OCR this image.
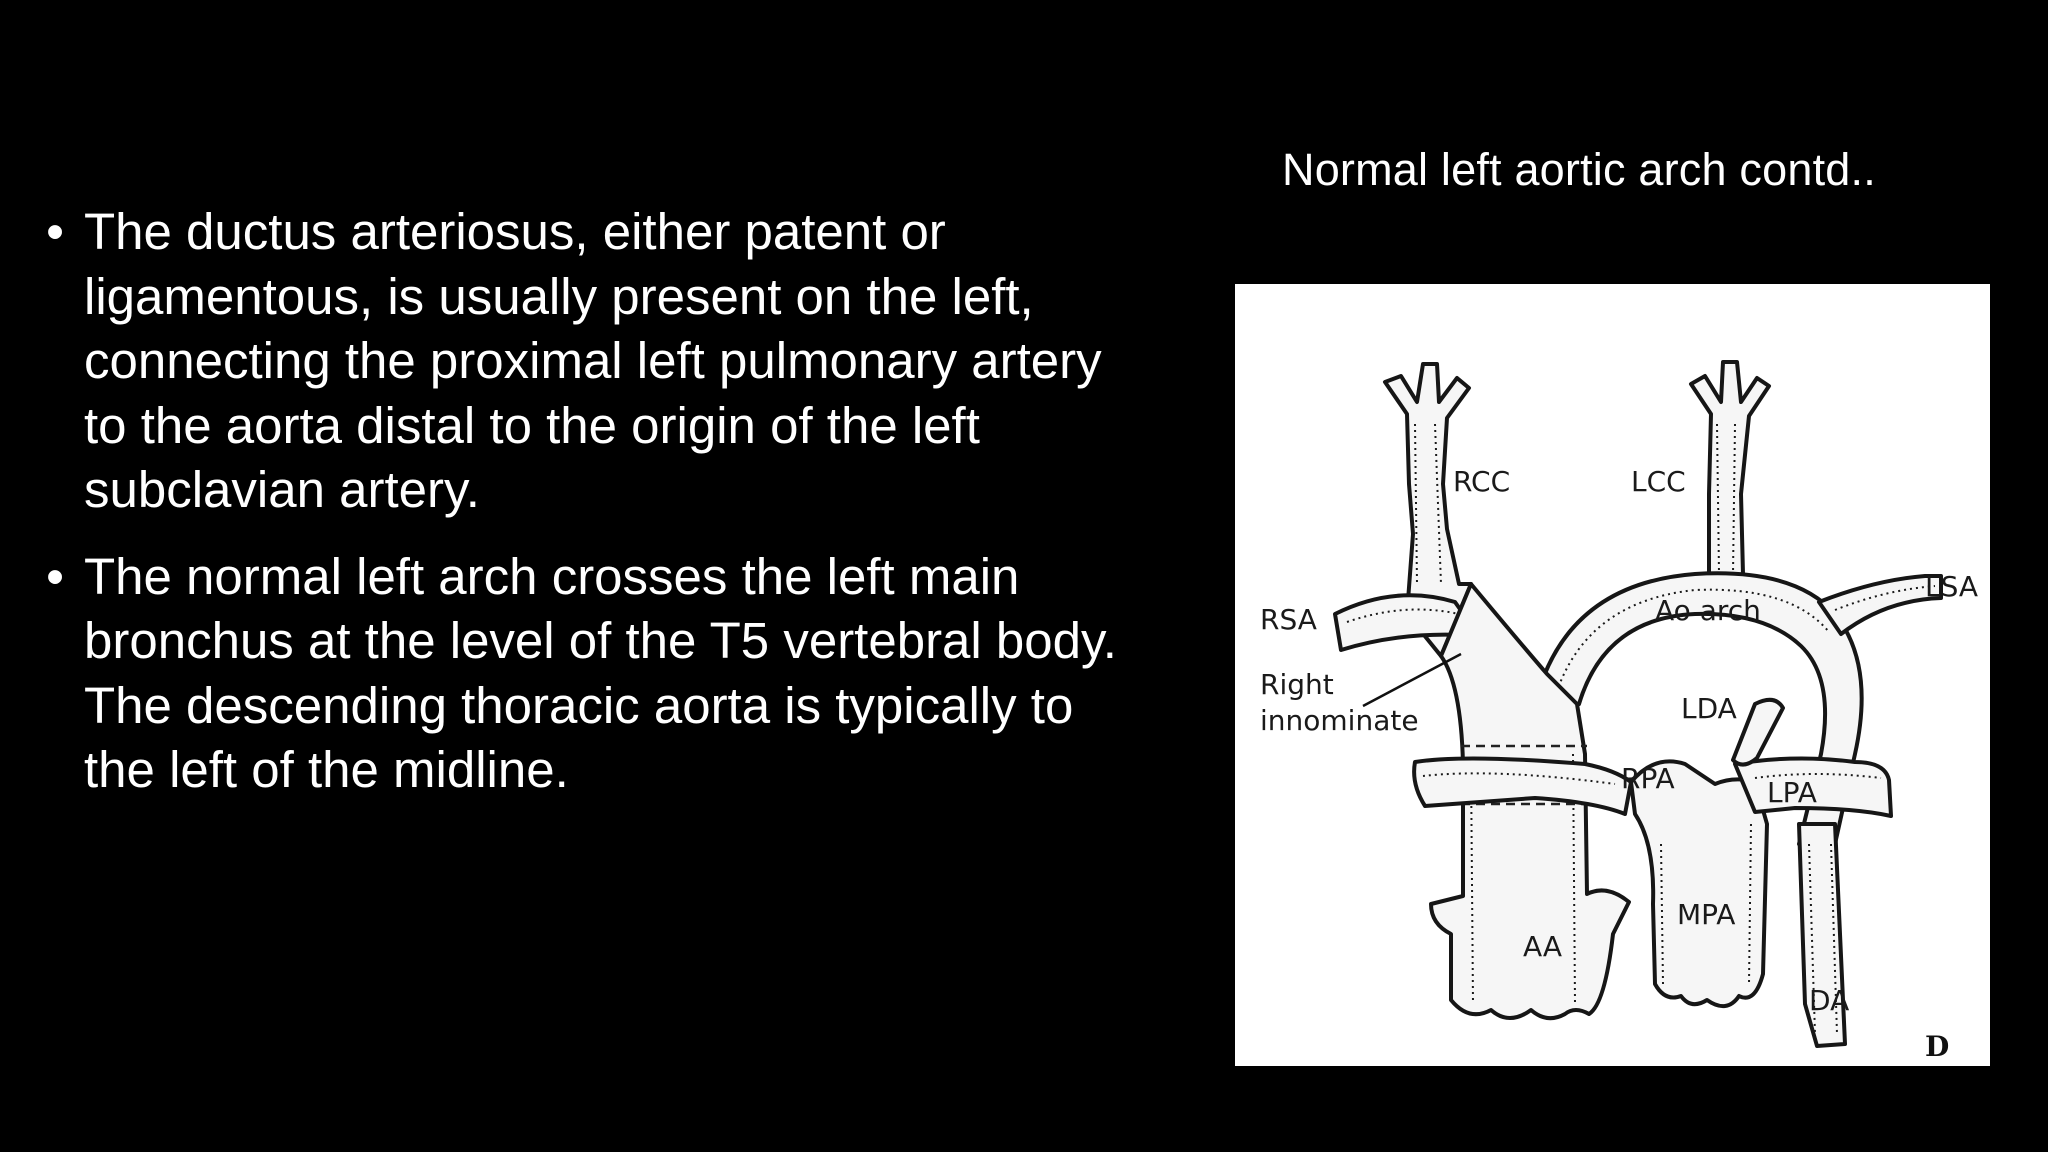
Normal left aortic arch contd..
• The ductus arteriosus, either patent or ligamentous, is usually present on the left, connecting the proximal left pulmonary artery to the aorta distal to the origin of the left subclavian artery.
• The normal left arch crosses the left main bronchus at the level of the T5 vertebral body. The descending thoracic aorta is typically to the left of the midline.
RCC	LCC
LSA
RSA	Ao arch
Right
innominate	LDA
RPA	LPA
MPA
AA
DA
D
